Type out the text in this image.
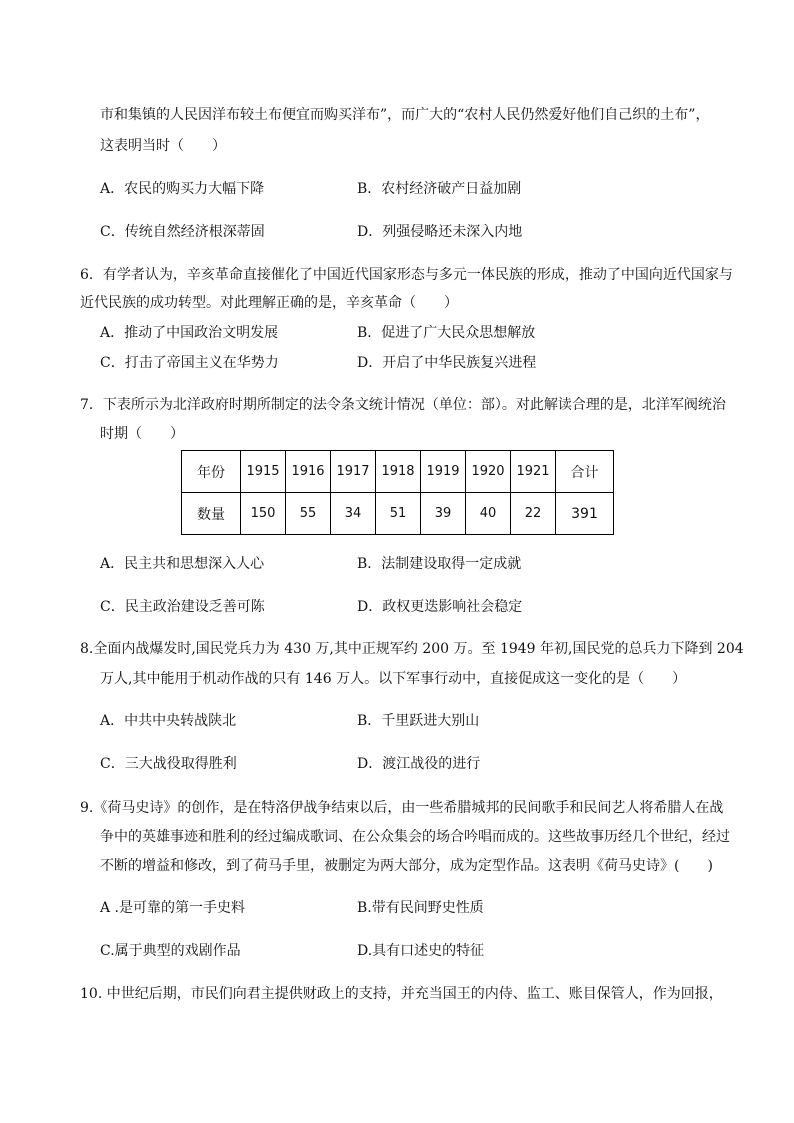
市和集镇的人民因洋布较土布便宜而购买洋布”，而广大的“农村人民仍然爱好他们自己织的土布”，
这表明当时（　　）
A．农民的购买力大幅下降	B．农村经济破产日益加剧
C．传统自然经济根深蒂固	D．列强侵略还未深入内地
6．有学者认为，辛亥革命直接催化了中国近代国家形态与多元一体民族的形成，推动了中国向近代国家与
近代民族的成功转型。对此理解正确的是，辛亥革命（　　）
A．推动了中国政治文明发展	B．促进了广大民众思想解放
C．打击了帝国主义在华势力	D．开启了中华民族复兴进程
7．下表所示为北洋政府时期所制定的法令条文统计情况（单位：部）。对此解读合理的是，北洋军阀统治
时期（　　）
年份	1915	1916	1917	1918	1919	1920	1921	合计
数量	150	55	34	51	39	40	22	391
A．民主共和思想深入人心	B．法制建设取得一定成就
C．民主政治建设乏善可陈	D．政权更迭影响社会稳定
8.全面内战爆发时,国民党兵力为 430 万,其中正规军约 200 万。至 1949 年初,国民党的总兵力下降到 204
万人,其中能用于机动作战的只有 146 万人。以下军事行动中，直接促成这一变化的是（　　）
A．中共中央转战陕北	B．千里跃进大别山
C．三大战役取得胜利	D．渡江战役的进行
9.《荷马史诗》的创作，是在特洛伊战争结束以后，由一些希腊城邦的民间歌手和民间艺人将希腊人在战
争中的英雄事迹和胜利的经过编成歌词、在公众集会的场合吟唱而成的。这些故事历经几个世纪，经过
不断的增益和修改，到了荷马手里，被删定为两大部分，成为定型作品。这表明《荷马史诗》(　　)
A .是可靠的第一手史料	B.带有民间野史性质
C.属于典型的戏剧作品	D.具有口述史的特征
10. 中世纪后期，市民们向君主提供财政上的支持，并充当国王的内侍、监工、账目保管人，作为回报，
